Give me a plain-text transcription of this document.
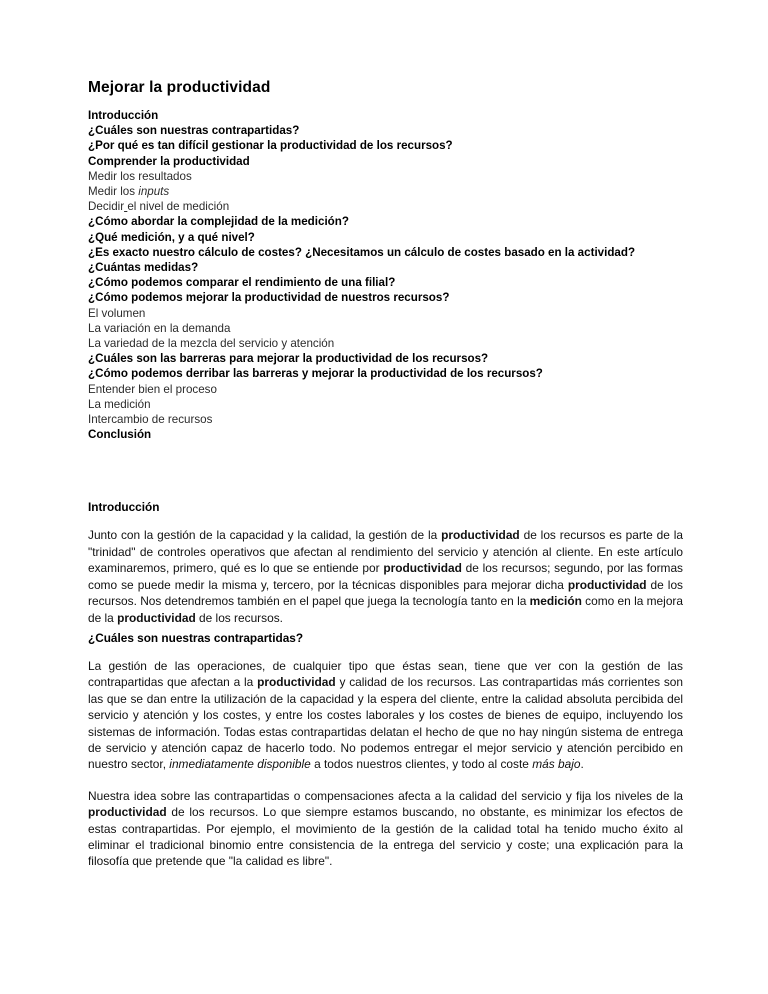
Mejorar la productividad
Introducción
¿Cuáles son nuestras contrapartidas?
¿Por qué es tan difícil gestionar la productividad de los recursos?
Comprender la productividad
Medir los resultados
Medir los inputs
Decidir el nivel de medición
¿Cómo abordar la complejidad de la medición?
¿Qué medición, y a qué nivel?
¿Es exacto nuestro cálculo de costes? ¿Necesitamos un cálculo de costes basado en la actividad?
¿Cuántas medidas?
¿Cómo podemos comparar el rendimiento de una filial?
¿Cómo podemos mejorar la productividad de nuestros recursos?
El volumen
La variación en la demanda
La variedad de la mezcla del servicio y atención
¿Cuáles son las barreras para mejorar la productividad de los recursos?
¿Cómo podemos derribar las barreras y mejorar la productividad de los recursos?
Entender bien el proceso
La medición
Intercambio de recursos
Conclusión
Introducción

Junto con la gestión de la capacidad y la calidad, la gestión de la productividad de los recursos es parte de la "trinidad" de controles operativos que afectan al rendimiento del servicio y atención al cliente. En este artículo examinaremos, primero, qué es lo que se entiende por productividad de los recursos; segundo, por las formas como se puede medir la misma y, tercero, por la técnicas disponibles para mejorar dicha productividad de los recursos. Nos detendremos también en el papel que juega la tecnología tanto en la medición como en la mejora de la productividad de los recursos.

¿Cuáles son nuestras contrapartidas?

La gestión de las operaciones, de cualquier tipo que éstas sean, tiene que ver con la gestión de las contrapartidas que afectan a la productividad y calidad de los recursos. Las contrapartidas más corrientes son las que se dan entre la utilización de la capacidad y la espera del cliente, entre la calidad absoluta percibida del servicio y atención y los costes, y entre los costes laborales y los costes de bienes de equipo, incluyendo los sistemas de información. Todas estas contrapartidas delatan el hecho de que no hay ningún sistema de entrega de servicio y atención capaz de hacerlo todo. No podemos entregar el mejor servicio y atención percibido en nuestro sector, inmediatamente disponible a todos nuestros clientes, y todo al coste más bajo.

Nuestra idea sobre las contrapartidas o compensaciones afecta a la calidad del servicio y fija los niveles de la productividad de los recursos. Lo que siempre estamos buscando, no obstante, es minimizar los efectos de estas contrapartidas. Por ejemplo, el movimiento de la gestión de la calidad total ha tenido mucho éxito al eliminar el tradicional binomio entre consistencia de la entrega del servicio y coste; una explicación para la filosofía que pretende que "la calidad es libre".
